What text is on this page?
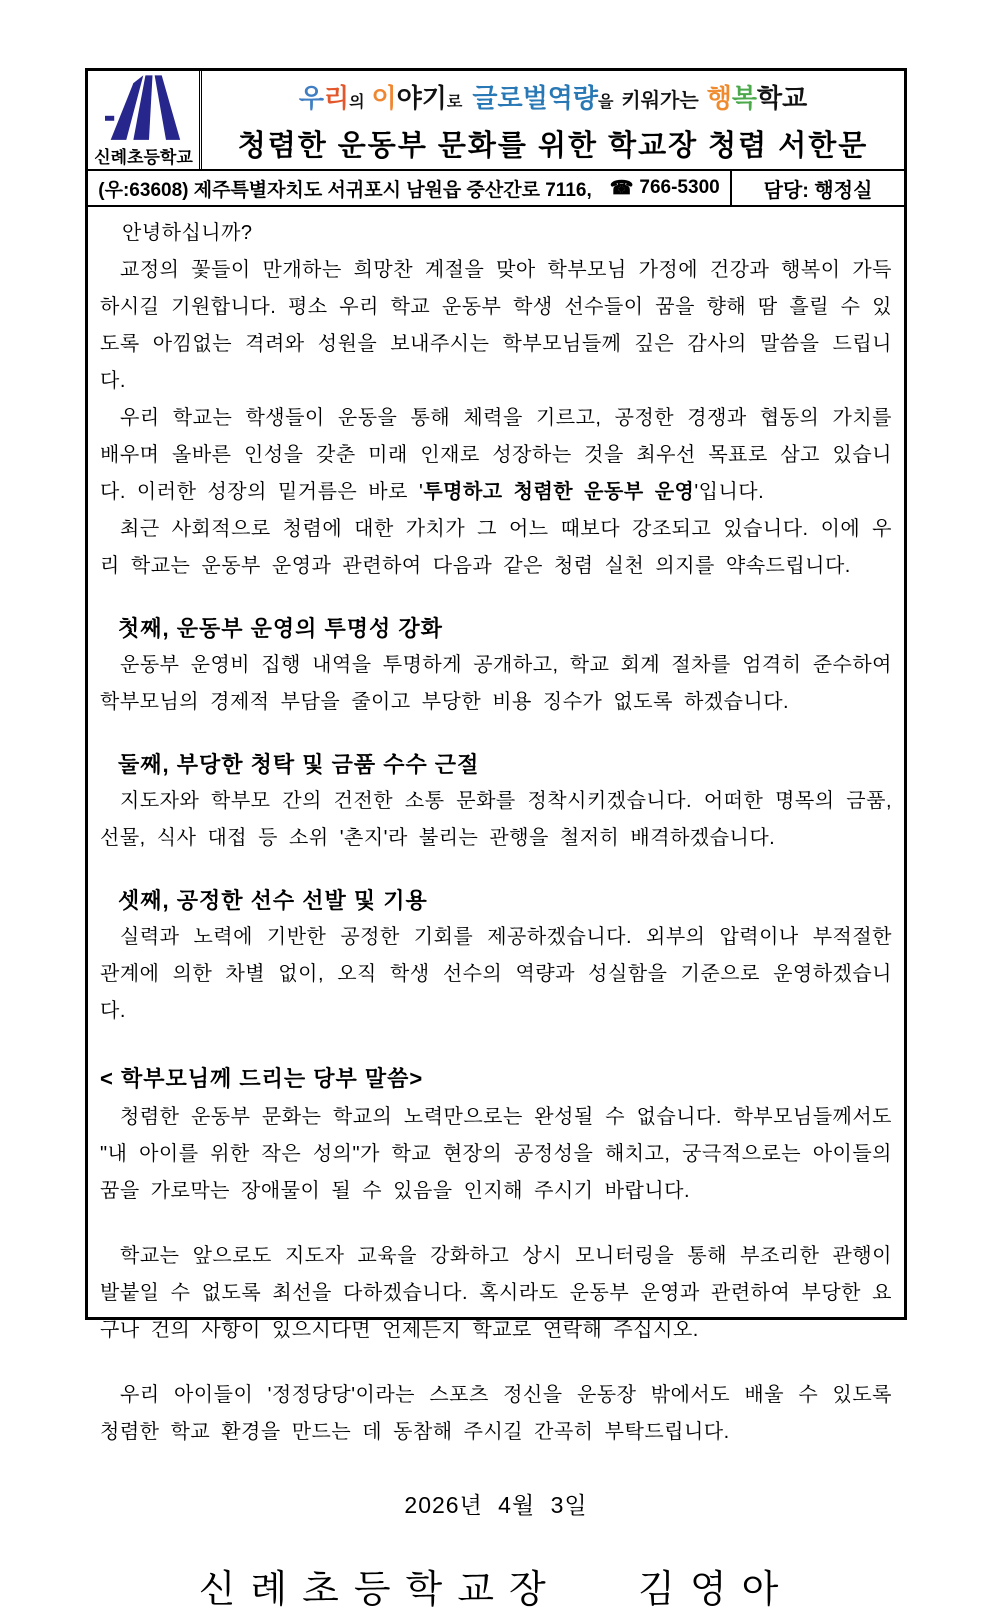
신례초등학교
우 리 의 이 야기 로 글로벌역량 을 키워가는 행 복 학교
청렴한 운동부 문화를 위한 학교장 청렴 서한문
(우:63608) 제주특별자치도 서귀포시 남원읍 중산간로 7116, ☎ 766-5300	담당: 행정실

안녕하십니까?

교정의 꽃들이 만개하는 희망찬 계절을 맞아 학부모님 가정에 건강과 행복이 가득하시길 기원합니다. 평소 우리 학교 운동부 학생 선수들이 꿈을 향해 땀 흘릴 수 있도록 아낌없는 격려와 성원을 보내주시는 학부모님들께 깊은 감사의 말씀을 드립니다.

우리 학교는 학생들이 운동을 통해 체력을 기르고, 공정한 경쟁과 협동의 가치를 배우며 올바른 인성을 갖춘 미래 인재로 성장하는 것을 최우선 목표로 삼고 있습니다. 이러한 성장의 밑거름은 바로 '투명하고 청렴한 운동부 운영'입니다.

최근 사회적으로 청렴에 대한 가치가 그 어느 때보다 강조되고 있습니다. 이에 우리 학교는 운동부 운영과 관련하여 다음과 같은 청렴 실천 의지를 약속드립니다.

첫째, 운동부 운영의 투명성 강화

운동부 운영비 집행 내역을 투명하게 공개하고, 학교 회계 절차를 엄격히 준수하여 학부모님의 경제적 부담을 줄이고 부당한 비용 징수가 없도록 하겠습니다.

둘째, 부당한 청탁 및 금품 수수 근절

지도자와 학부모 간의 건전한 소통 문화를 정착시키겠습니다. 어떠한 명목의 금품, 선물, 식사 대접 등 소위 '촌지'라 불리는 관행을 철저히 배격하겠습니다.

셋째, 공정한 선수 선발 및 기용

실력과 노력에 기반한 공정한 기회를 제공하겠습니다. 외부의 압력이나 부적절한 관계에 의한 차별 없이, 오직 학생 선수의 역량과 성실함을 기준으로 운영하겠습니다.

< 학부모님께 드리는 당부 말씀>

청렴한 운동부 문화는 학교의 노력만으로는 완성될 수 없습니다. 학부모님들께서도 "내 아이를 위한 작은 성의"가 학교 현장의 공정성을 해치고, 궁극적으로는 아이들의 꿈을 가로막는 장애물이 될 수 있음을 인지해 주시기 바랍니다.

학교는 앞으로도 지도자 교육을 강화하고 상시 모니터링을 통해 부조리한 관행이 발붙일 수 없도록 최선을 다하겠습니다. 혹시라도 운동부 운영과 관련하여 부당한 요구나 건의 사항이 있으시다면 언제든지 학교로 연락해 주십시오.

우리 아이들이 '정정당당'이라는 스포츠 정신을 운동장 밖에서도 배울 수 있도록 청렴한 학교 환경을 만드는 데 동참해 주시길 간곡히 부탁드립니다.

2026년 4월 3일

신례초등학교장　 김영아
